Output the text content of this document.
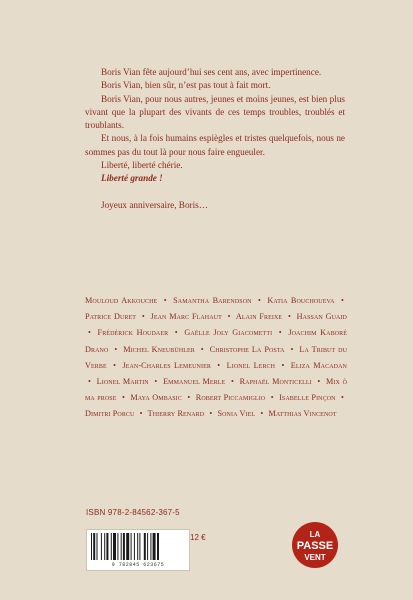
Boris Vian fête aujourd’hui ses cent ans, avec impertinence.

Boris Vian, bien sûr, n’est pas tout à fait mort.

Boris Vian, pour nous autres, jeunes et moins jeunes, est bien plus vivant que la plupart des vivants de ces temps troubles, troublés et troublants.

Et nous, à la fois humains espiègles et tristes quelquefois, nous ne sommes pas du tout là pour nous faire engueuler.

Liberté, liberté chérie.

Liberté grande !

Joyeux anniversaire, Boris…

Mouloud Akkouche • Samantha Barendson • Katia Bouchoueva • Patrice Duret • Jean Marc Flahaut • Alain Freixe • Hassan Guaid • Frédérick Houdaer • Gaëlle Joly Giacometti • Joachim Kaboré Drano • Michel Kneubühler • Christophe La Posta • La Tribut du Verbe • Jean-Charles Lemeunier • Lionel Lerch • Eliza Macadan • Lionel Martin • Emmanuel Merle • Raphaël Monticelli • Mix ô ma prose • Maya Ombasic • Robert Piccamiglio • Isabelle Pinçon • Dimitri Porcu • Thierry Renard • Sonia Viel • Matthias Vincenot
ISBN 978-2-84562-367-5
9 782845 623675
12 €	LA
PASSE
VENT
